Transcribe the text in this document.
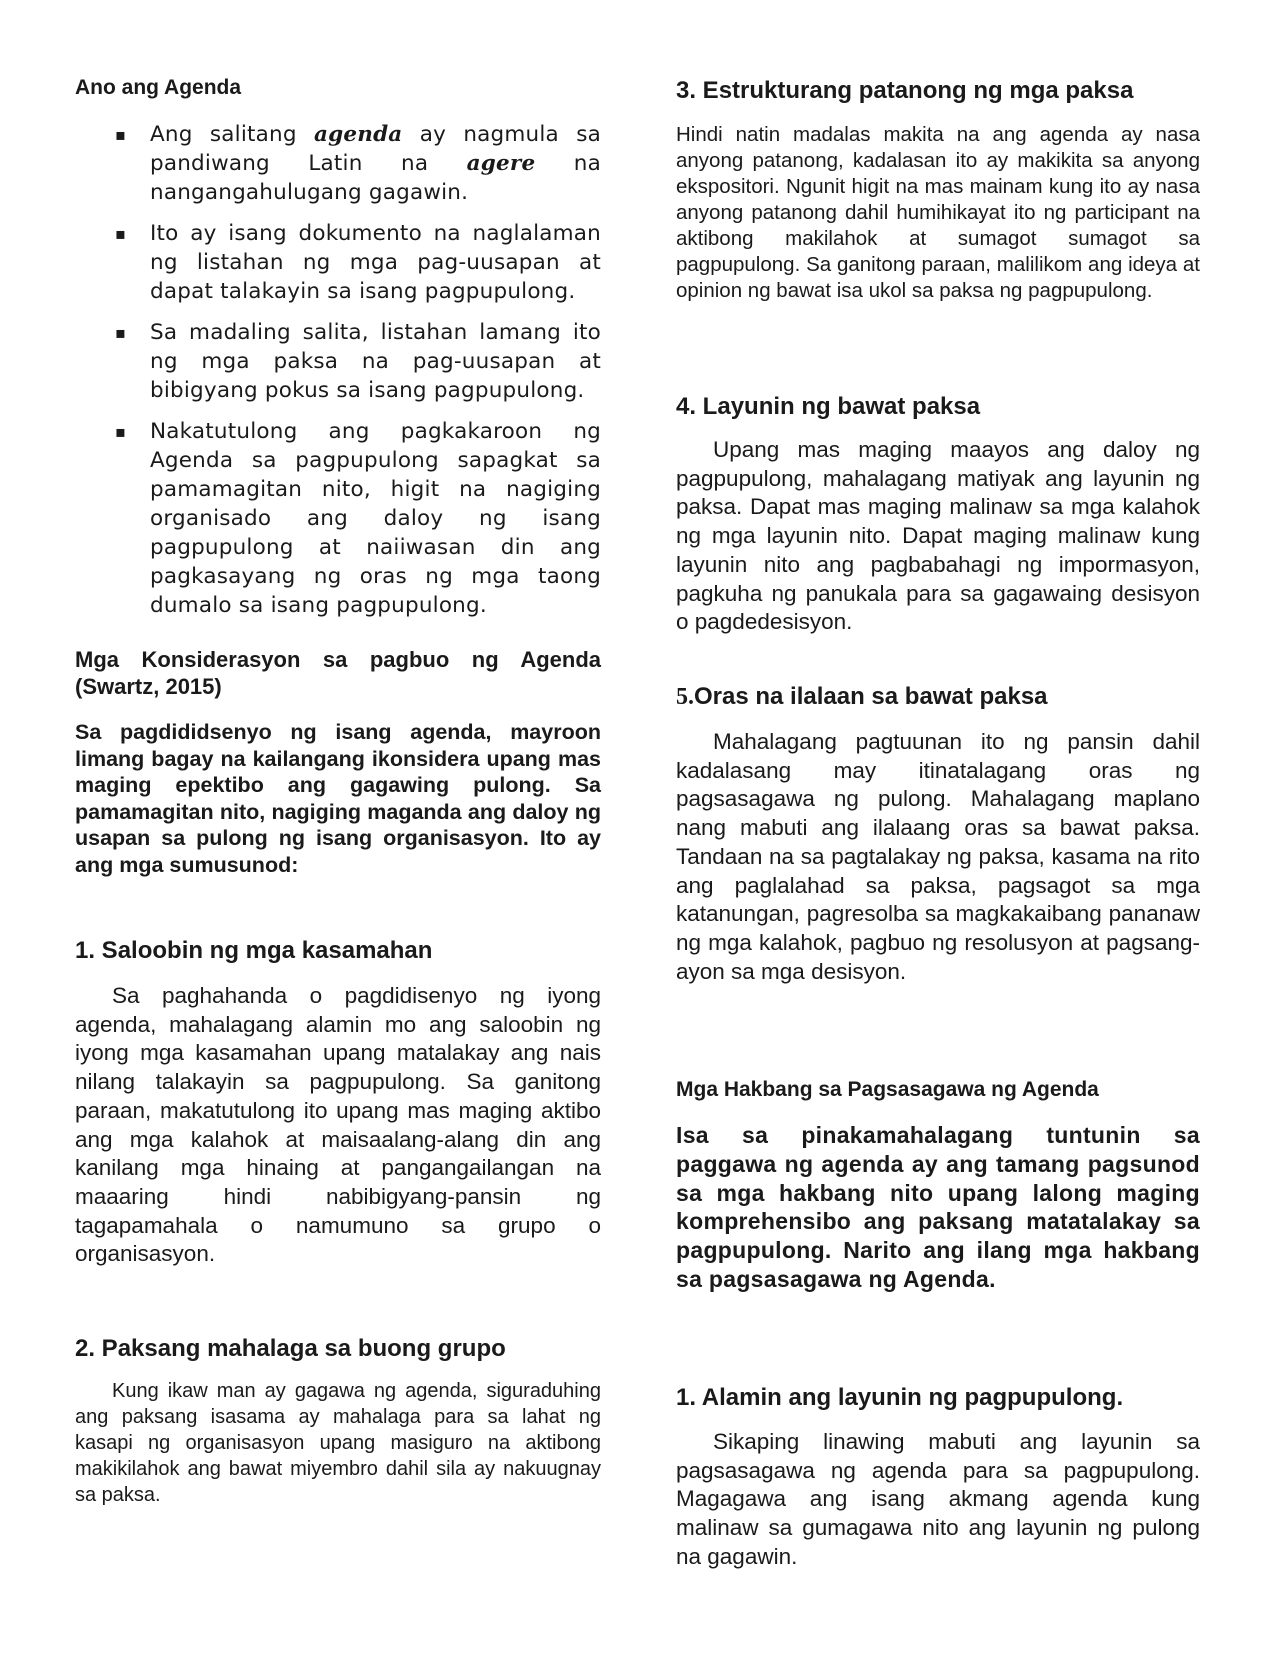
Ano ang Agenda
▪ Ang salitang agenda ay nagmula sa pandiwang Latin na agere na nangangahulugang gagawin.
▪ Ito ay isang dokumento na naglalaman ng listahan ng mga pag-uusapan at dapat talakayin sa isang pagpupulong.
▪ Sa madaling salita, listahan lamang ito ng mga paksa na pag-uusapan at bibigyang pokus sa isang pagpupulong.
▪ Nakatutulong ang pagkakaroon ng Agenda sa pagpupulong sapagkat sa pamamagitan nito, higit na nagiging organisado ang daloy ng isang pagpupulong at naiiwasan din ang pagkasayang ng oras ng mga taong dumalo sa isang pagpupulong.
Mga Konsiderasyon sa pagbuo ng Agenda (Swartz, 2015)

Sa pagdididsenyo ng isang agenda, mayroon limang bagay na kailangang ikonsidera upang mas maging epektibo ang gagawing pulong. Sa pamamagitan nito, nagiging maganda ang daloy ng usapan sa pulong ng isang organisasyon. Ito ay ang mga sumusunod:

1. Saloobin ng mga kasamahan

Sa paghahanda o pagdidisenyo ng iyong agenda, mahalagang alamin mo ang saloobin ng iyong mga kasamahan upang matalakay ang nais nilang talakayin sa pagpupulong. Sa ganitong paraan, makatutulong ito upang mas maging aktibo ang mga kalahok at maisaalang-alang din ang kanilang mga hinaing at pangangailangan na maaaring hindi nabibigyang-pansin ng tagapamahala o namumuno sa grupo o organisasyon.

2. Paksang mahalaga sa buong grupo

Kung ikaw man ay gagawa ng agenda, siguraduhing ang paksang isasama ay mahalaga para sa lahat ng kasapi ng organisasyon upang masiguro na aktibong makikilahok ang bawat miyembro dahil sila ay nakuugnay sa paksa.

3. Estrukturang patanong ng mga paksa

Hindi natin madalas makita na ang agenda ay nasa anyong patanong, kadalasan ito ay makikita sa anyong ekspositori. Ngunit higit na mas mainam kung ito ay nasa anyong patanong dahil humihikayat ito ng participant na aktibong makilahok at sumagot sumagot sa pagpupulong. Sa ganitong paraan, malilikom ang ideya at opinion ng bawat isa ukol sa paksa ng pagpupulong.

4. Layunin ng bawat paksa

Upang mas maging maayos ang daloy ng pagpupulong, mahalagang matiyak ang layunin ng paksa. Dapat mas maging malinaw sa mga kalahok ng mga layunin nito. Dapat maging malinaw kung layunin nito ang pagbabahagi ng impormasyon, pagkuha ng panukala para sa gagawaing desisyon o pagdedesisyon.

5.Oras na ilalaan sa bawat paksa

Mahalagang pagtuunan ito ng pansin dahil kadalasang may itinatalagang oras ng pagsasagawa ng pulong. Mahalagang maplano nang mabuti ang ilalaang oras sa bawat paksa. Tandaan na sa pagtalakay ng paksa, kasama na rito ang paglalahad sa paksa, pagsagot sa mga katanungan, pagresolba sa magkakaibang pananaw ng mga kalahok, pagbuo ng resolusyon at pagsang-ayon sa mga desisyon.

Mga Hakbang sa Pagsasagawa ng Agenda

Isa sa pinakamahalagang tuntunin sa paggawa ng agenda ay ang tamang pagsunod sa mga hakbang nito upang lalong maging komprehensibo ang paksang matatalakay sa pagpupulong. Narito ang ilang mga hakbang sa pagsasagawa ng Agenda.

1. Alamin ang layunin ng pagpupulong.

Sikaping linawing mabuti ang layunin sa pagsasagawa ng agenda para sa pagpupulong. Magagawa ang isang akmang agenda kung malinaw sa gumagawa nito ang layunin ng pulong na gagawin.
